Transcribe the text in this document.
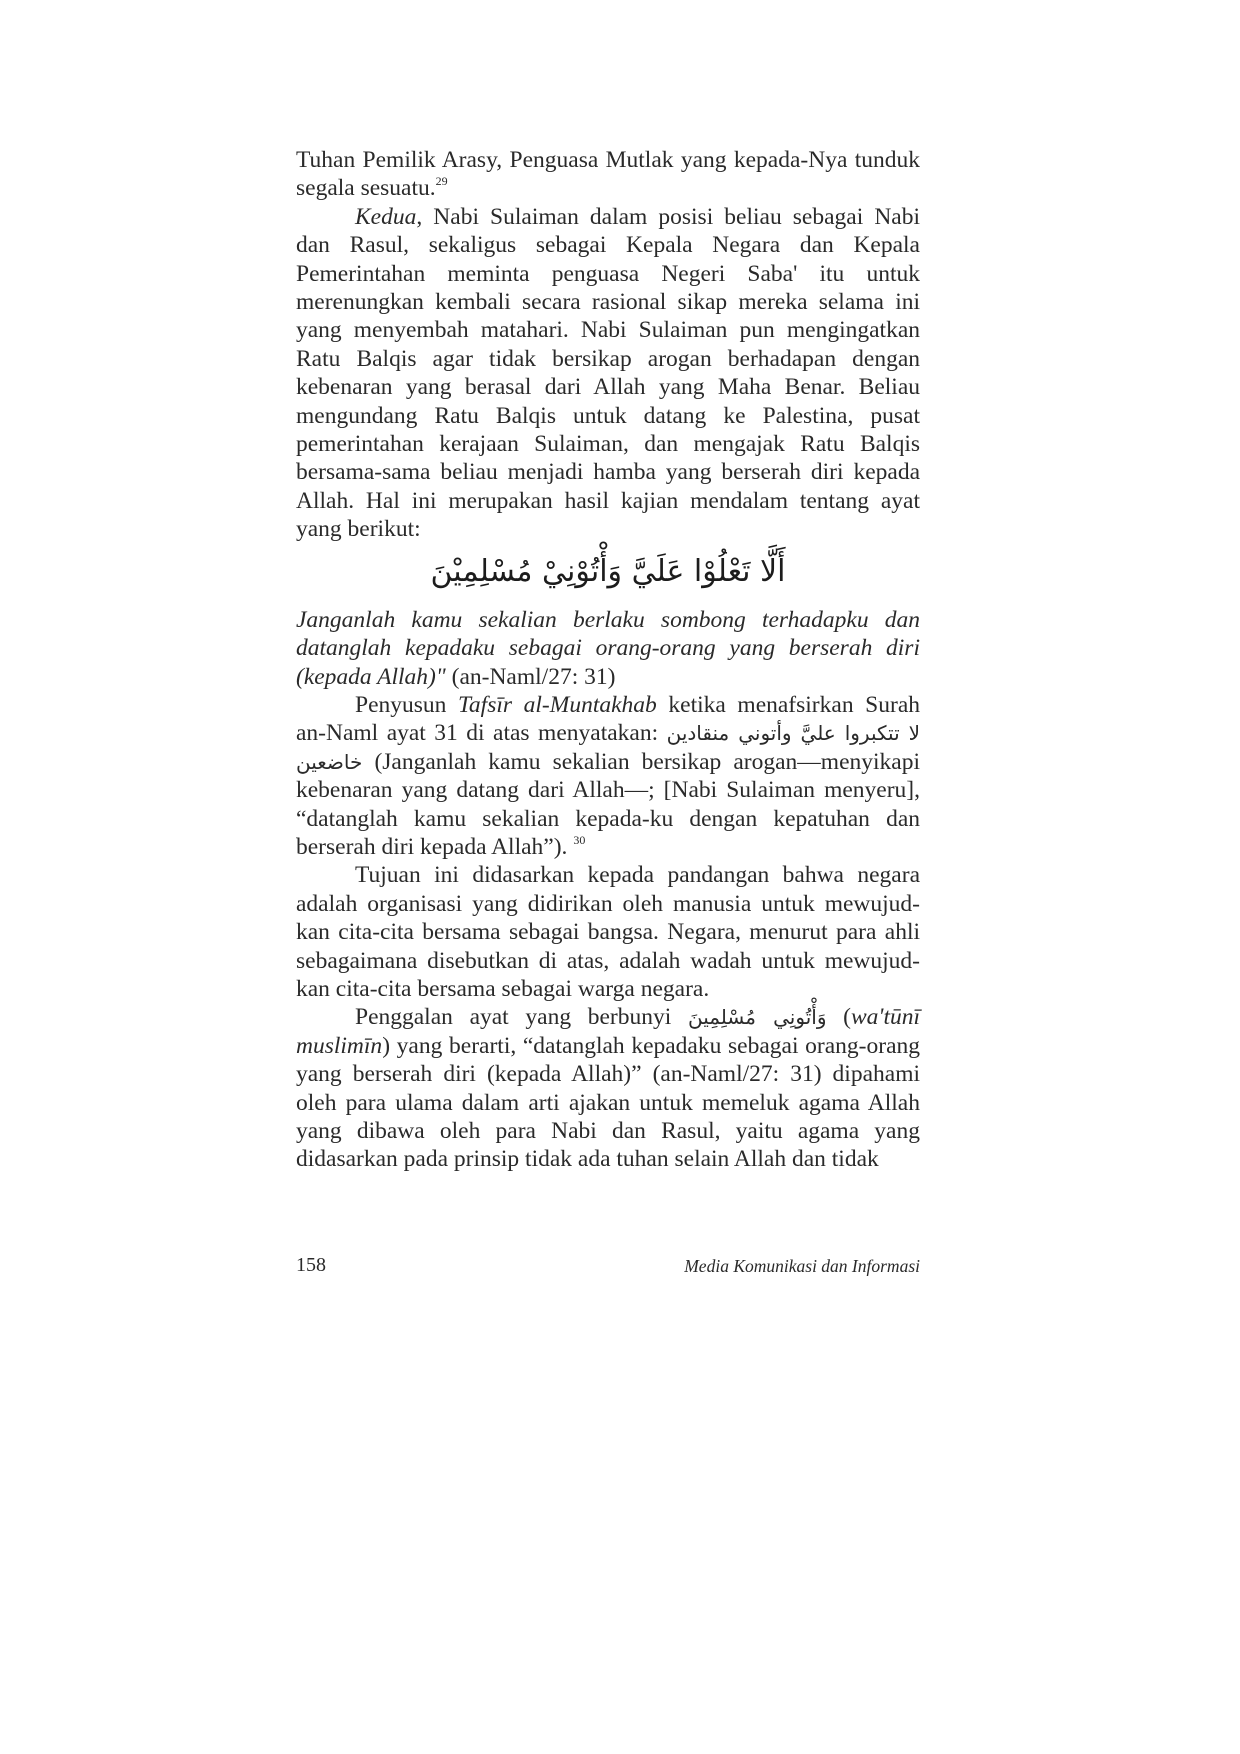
Tuhan Pemilik Arasy, Penguasa Mutlak yang kepada-Nya tunduk segala sesuatu.$^{29}$

Kedua, Nabi Sulaiman dalam posisi beliau sebagai Nabi dan Rasul, sekaligus sebagai Kepala Negara dan Kepala Pemerintahan meminta penguasa Negeri Saba' itu untuk merenungkan kembali secara rasional sikap mereka selama ini yang menyembah matahari. Nabi Sulaiman pun mengingatkan Ratu Balqis agar tidak bersikap arogan berhadapan dengan kebenaran yang berasal dari Allah yang Maha Benar. Beliau mengundang Ratu Balqis untuk datang ke Palestina, pusat pemerintahan kerajaan Sulaiman, dan mengajak Ratu Balqis bersama-sama beliau menjadi hamba yang berserah diri kepada Allah. Hal ini merupakan hasil kajian mendalam tentang ayat yang berikut:

أَلَّا تَعْلُوْا عَلَيَّ وَأْتُوْنِيْ مُسْلِمِيْنَ

Janganlah kamu sekalian berlaku sombong terhadapku dan datanglah kepadaku sebagai orang-orang yang berserah diri (kepada Allah)" (an-Naml/27: 31)

Penyusun Tafsīr al-Muntakhab ketika menafsirkan Surah an-Naml ayat 31 di atas menyatakan: لا تتكبروا عليَّ وأتوني منقادين خاضعين (Janganlah kamu sekalian bersikap arogan—menyikapi kebenaran yang datang dari Allah—; [Nabi Sulaiman menyeru], “datanglah kamu sekalian kepada-ku dengan kepatuhan dan berserah diri kepada Allah”). $^{30}$

Tujuan ini didasarkan kepada pandangan bahwa negara adalah organisasi yang didirikan oleh manusia untuk mewujud-kan cita-cita bersama sebagai bangsa. Negara, menurut para ahli sebagaimana disebutkan di atas, adalah wadah untuk mewujud-kan cita-cita bersama sebagai warga negara.

Penggalan ayat yang berbunyi وَأْتُونِي مُسْلِمِينَ (wa'tūnī muslimīn) yang berarti, “datanglah kepadaku sebagai orang-orang yang berserah diri (kepada Allah)” (an-Naml/27: 31) dipahami oleh para ulama dalam arti ajakan untuk memeluk agama Allah yang dibawa oleh para Nabi dan Rasul, yaitu agama yang didasarkan pada prinsip tidak ada tuhan selain Allah dan tidak

158	Media Komunikasi dan Informasi
